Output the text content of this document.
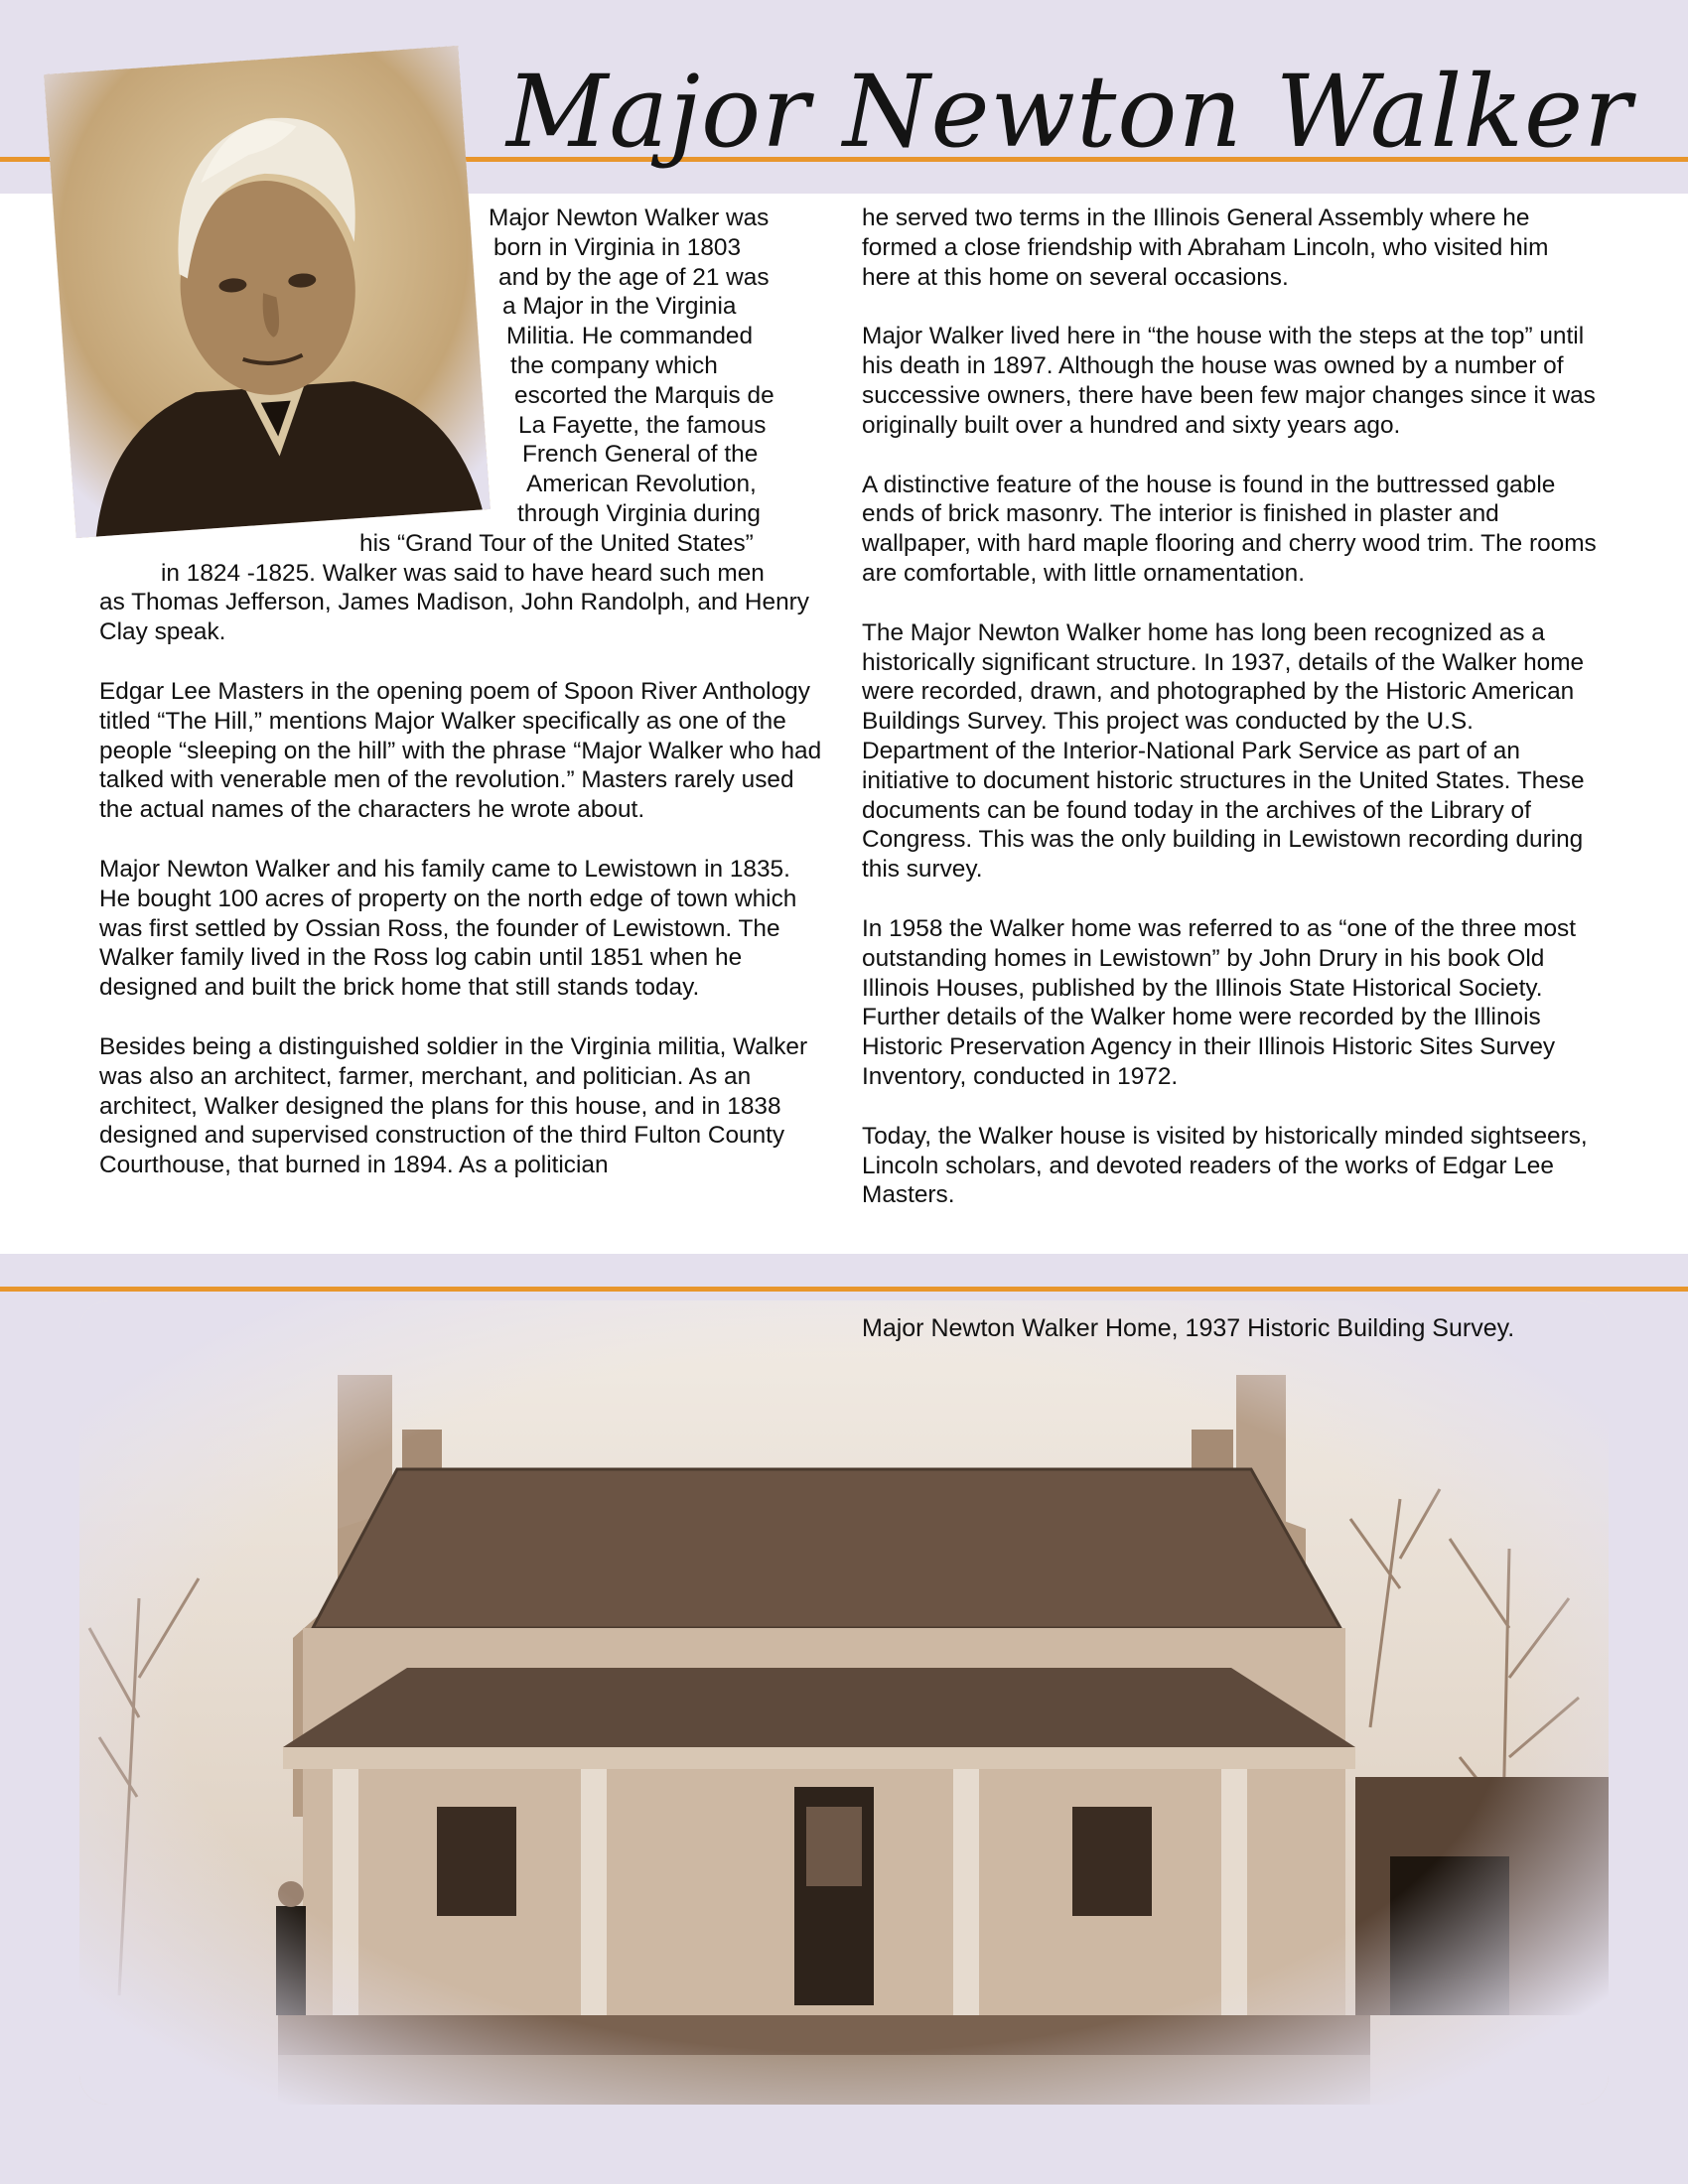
Major Newton Walker
Major Newton Walker was
born in Virginia in 1803
and by the age of 21 was
a Major in the Virginia
Militia. He commanded
the company which
escorted the Marquis de
La Fayette, the famous
French General of the
American Revolution,
through Virginia during
his “Grand Tour of the United States”
in 1824 -1825. Walker was said to have heard such men

as Thomas Jefferson, James Madison, John Randolph, and Henry Clay speak.

Edgar Lee Masters in the opening poem of Spoon River Anthology titled “The Hill,” mentions Major Walker specifically as one of the people “sleeping on the hill” with the phrase “Major Walker who had talked with venerable men of the revolution.” Masters rarely used the actual names of the characters he wrote about.

Major Newton Walker and his family came to Lewistown in 1835. He bought 100 acres of property on the north edge of town which was first settled by Ossian Ross, the founder of Lewistown. The Walker family lived in the Ross log cabin until 1851 when he designed and built the brick home that still stands today.

Besides being a distinguished soldier in the Virginia militia, Walker was also an architect, farmer, merchant, and politician. As an architect, Walker designed the plans for this house, and in 1838 designed and supervised construction of the third Fulton County Courthouse, that burned in 1894. As a politician

he served two terms in the Illinois General Assembly where he formed a close friendship with Abraham Lincoln, who visited him here at this home on several occasions.

Major Walker lived here in “the house with the steps at the top” until his death in 1897. Although the house was owned by a number of successive owners, there have been few major changes since it was originally built over a hundred and sixty years ago.

A distinctive feature of the house is found in the buttressed gable ends of brick masonry. The interior is finished in plaster and wallpaper, with hard maple flooring and cherry wood trim. The rooms are comfortable, with little ornamentation.

The Major Newton Walker home has long been recognized as a historically significant structure. In 1937, details of the Walker home were recorded, drawn, and photographed by the Historic American Buildings Survey. This project was conducted by the U.S. Department of the Interior-National Park Service as part of an initiative to document historic structures in the United States. These documents can be found today in the archives of the Library of Congress. This was the only building in Lewistown recording during this survey.

In 1958 the Walker home was referred to as “one of the three most outstanding homes in Lewistown” by John Drury in his book Old Illinois Houses, published by the Illinois State Historical Society. Further details of the Walker home were recorded by the Illinois Historic Preservation Agency in their Illinois Historic Sites Survey Inventory, conducted in 1972.

Today, the Walker house is visited by historically minded sightseers, Lincoln scholars, and devoted readers of the works of Edgar Lee Masters.

Major Newton Walker Home, 1937 Historic Building Survey.
